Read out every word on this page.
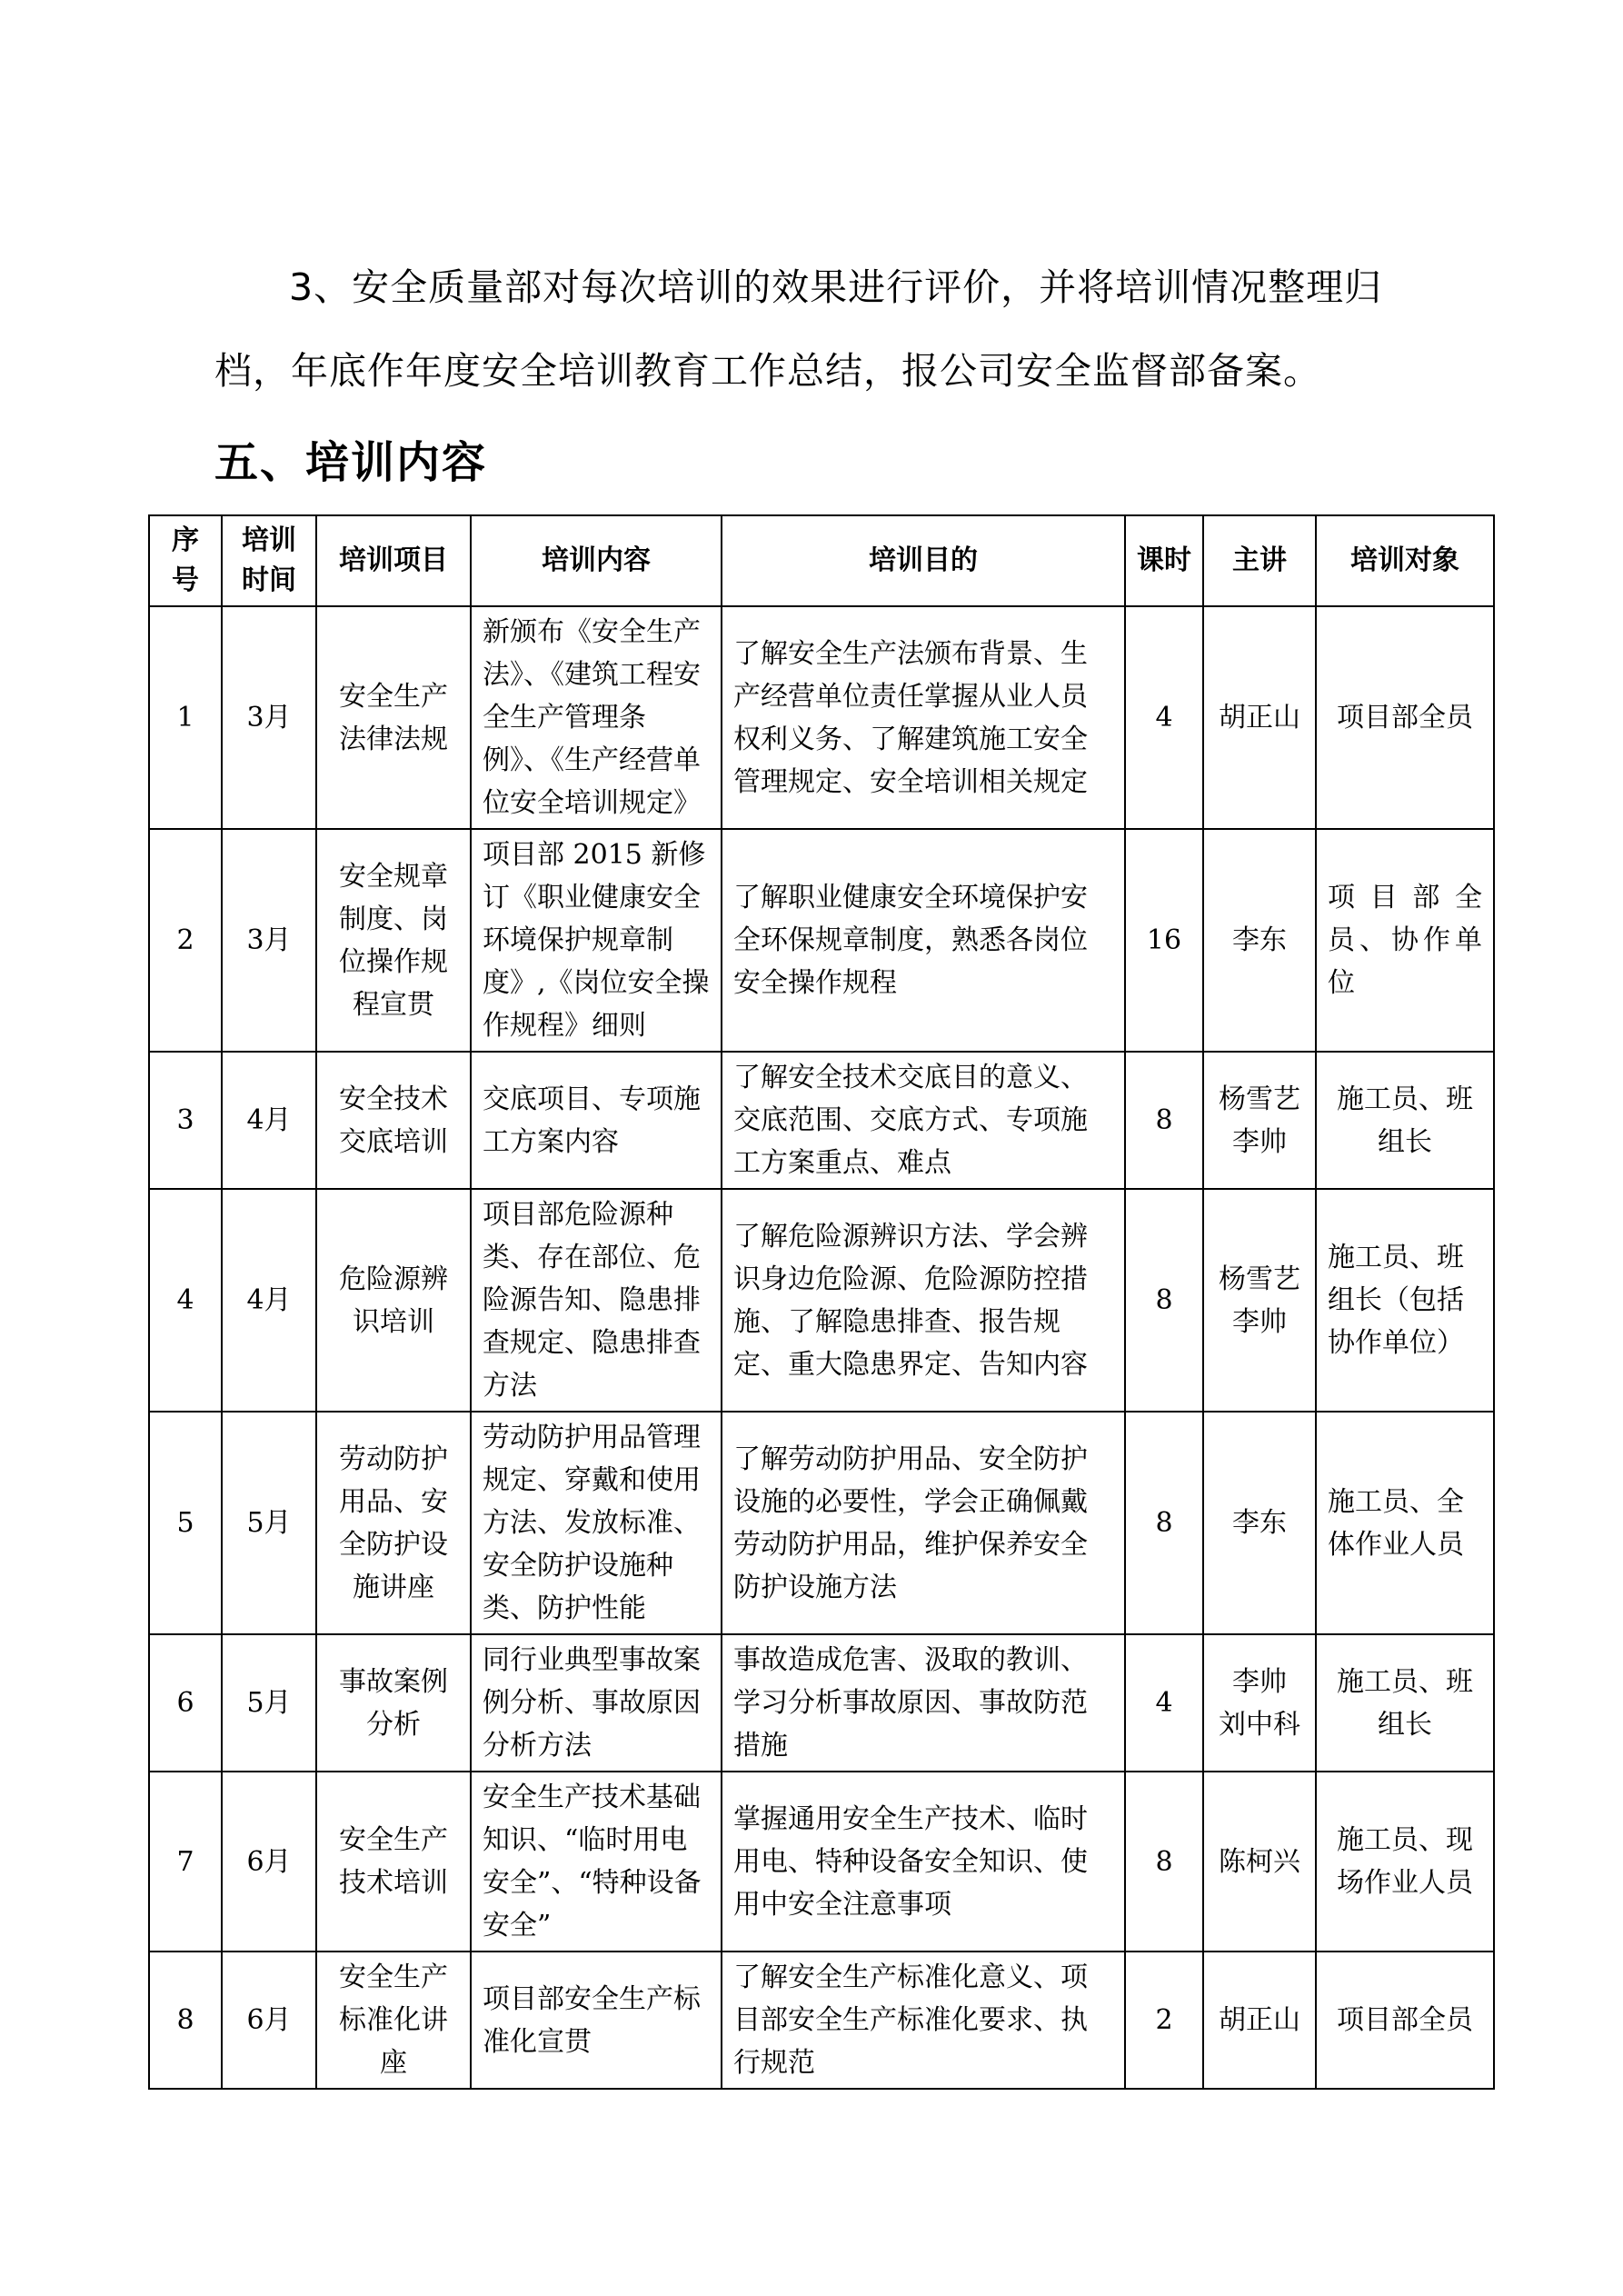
3、安全质量部对每次培训的效果进行评价，并将培训情况整理归档，年底作年度安全培训教育工作总结，报公司安全监督部备案。

五、培训内容
序号	培训时间	培训项目	培训内容	培训目的	课时	主讲	培训对象
1	3月	安全生产法律法规	新颁布《安全生产法》、《建筑工程安全生产管理条例》、《生产经营单位安全培训规定》	了解安全生产法颁布背景、生产经营单位责任掌握从业人员权利义务、了解建筑施工安全管理规定、安全培训相关规定	4	胡正山	项目部全员
2	3月	安全规章制度、岗位操作规程宣贯	项目部 2015 新修订《职业健康安全环境保护规章制度》,《岗位安全操作规程》细则	了解职业健康安全环境保护安全环保规章制度，熟悉各岗位安全操作规程	16	李东	项目部全员、协作单位
3	4月	安全技术交底培训	交底项目、专项施工方案内容	了解安全技术交底目的意义、交底范围、交底方式、专项施工方案重点、难点	8	杨雪艺 李帅	施工员、班组长
4	4月	危险源辨识培训	项目部危险源种类、存在部位、危险源告知、隐患排查规定、隐患排查方法	了解危险源辨识方法、学会辨识身边危险源、危险源防控措施、了解隐患排查、报告规定、重大隐患界定、告知内容	8	杨雪艺 李帅	施工员、班组长（包括协作单位）
5	5月	劳动防护用品、安全防护设施讲座	劳动防护用品管理规定、穿戴和使用方法、发放标准、安全防护设施种类、防护性能	了解劳动防护用品、安全防护设施的必要性，学会正确佩戴劳动防护用品，维护保养安全防护设施方法	8	李东	施工员、全体作业人员
6	5月	事故案例分析	同行业典型事故案例分析、事故原因分析方法	事故造成危害、汲取的教训、学习分析事故原因、事故防范措施	4	李帅 刘中科	施工员、班组长
7	6月	安全生产技术培训	安全生产技术基础知识、“临时用电安全”、“特种设备安全”	掌握通用安全生产技术、临时用电、特种设备安全知识、使用中安全注意事项	8	陈柯兴	施工员、现场作业人员
8	6月	安全生产标准化讲座	项目部安全生产标准化宣贯	了解安全生产标准化意义、项目部安全生产标准化要求、执行规范	2	胡正山	项目部全员
